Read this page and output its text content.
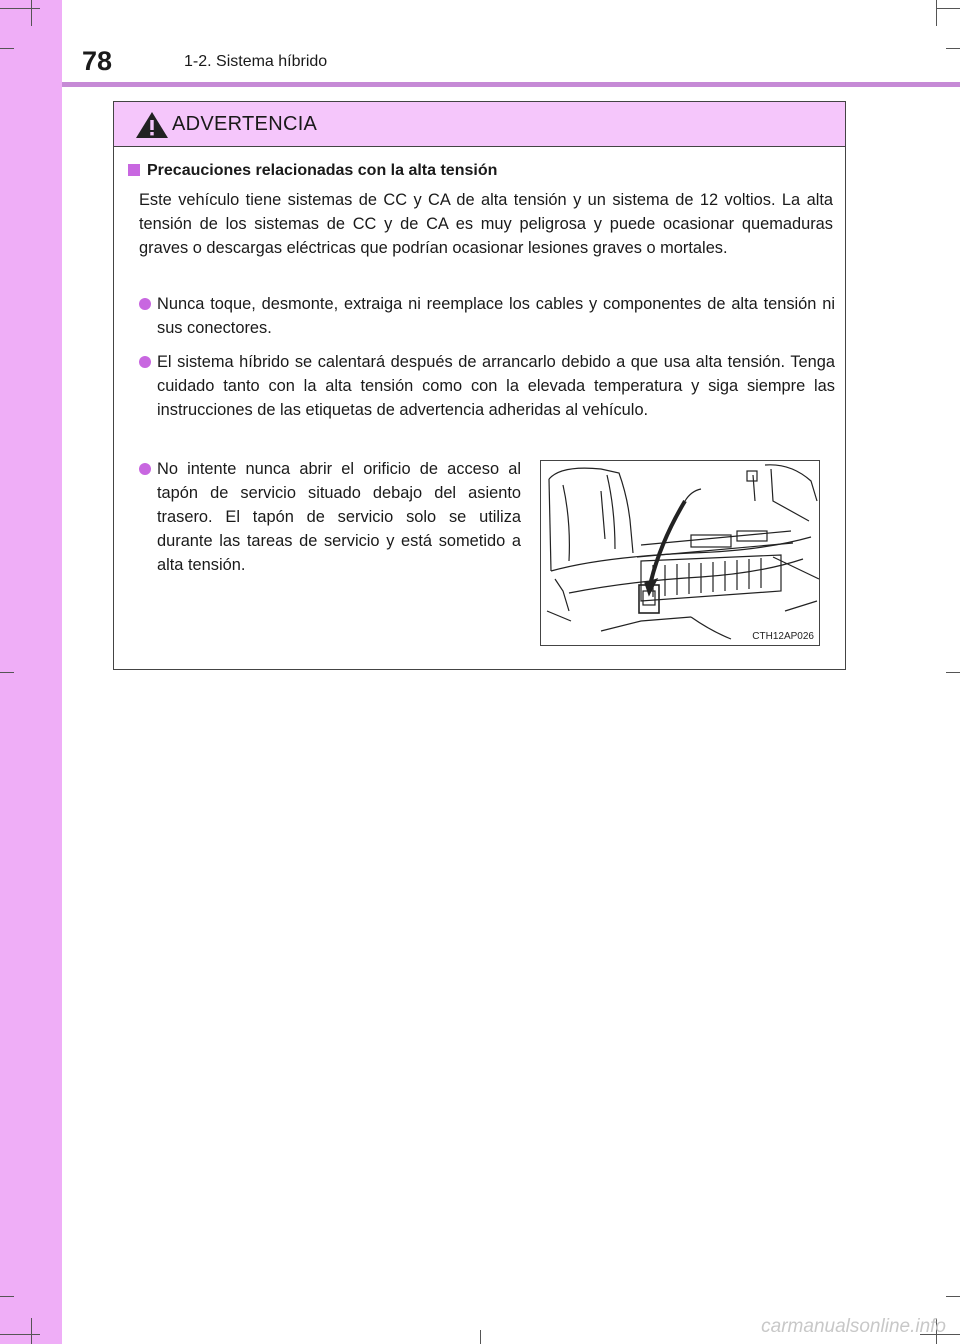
78	1-2. Sistema híbrido
ADVERTENCIA
Precauciones relacionadas con la alta tensión

Este vehículo tiene sistemas de CC y CA de alta tensión y un sistema de 12 voltios. La alta tensión de los sistemas de CC y de CA es muy peligrosa y puede ocasionar quemaduras graves o descargas eléctricas que podrían ocasionar lesiones graves o mortales.

Nunca toque, desmonte, extraiga ni reemplace los cables y componentes de alta tensión ni sus conectores.
El sistema híbrido se calentará después de arrancarlo debido a que usa alta tensión. Tenga cuidado tanto con la alta tensión como con la elevada temperatura y siga siempre las instrucciones de las etiquetas de advertencia adheridas al vehículo.
No intente nunca abrir el orificio de acceso al tapón de servicio situado debajo del asiento trasero. El tapón de servicio solo se utiliza durante las tareas de servicio y está sometido a alta tensión.
CTH12AP026
carmanualsonline.info
